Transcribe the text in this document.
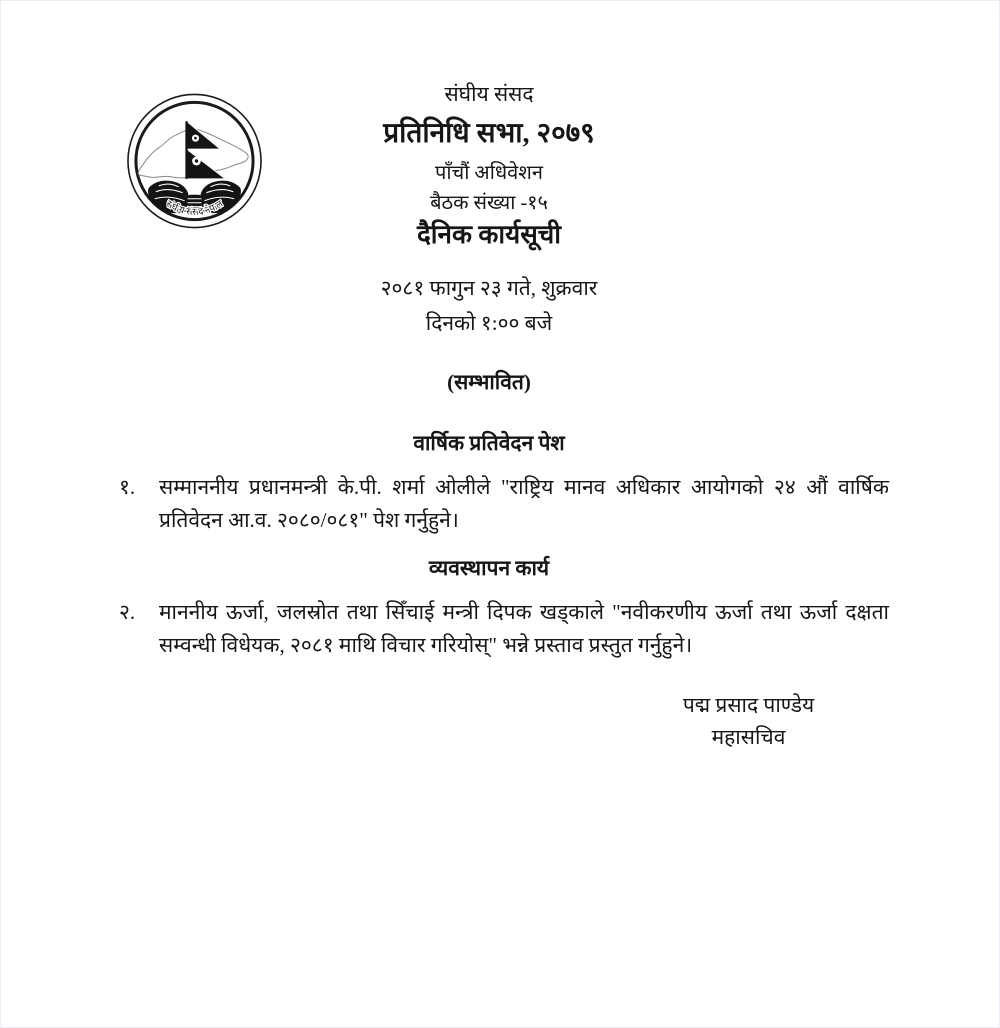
संघीय संसद नेपाल
संघीय संसद
प्रतिनिधि सभा, २०७९
पाँचौं अधिवेशन
बैठक संख्या -१५
दैनिक कार्यसूची
२०८१ फागुन २३ गते, शुक्रवार
दिनको १:०० बजे
(सम्भावित)
वार्षिक प्रतिवेदन पेश
१. सम्माननीय प्रधानमन्त्री के.पी. शर्मा ओलीले "राष्ट्रिय मानव अधिकार आयोगको २४ औं वार्षिक प्रतिवेदन आ.व. २०८०/०८१" पेश गर्नुहुने।
व्यवस्थापन कार्य
२. माननीय ऊर्जा, जलस्रोत तथा सिँचाई मन्त्री दिपक खड्काले "नवीकरणीय ऊर्जा तथा ऊर्जा दक्षता सम्वन्धी विधेयक, २०८१ माथि विचार गरियोस्" भन्ने प्रस्ताव प्रस्तुत गर्नुहुने।
पद्म प्रसाद पाण्डेय
महासचिव
